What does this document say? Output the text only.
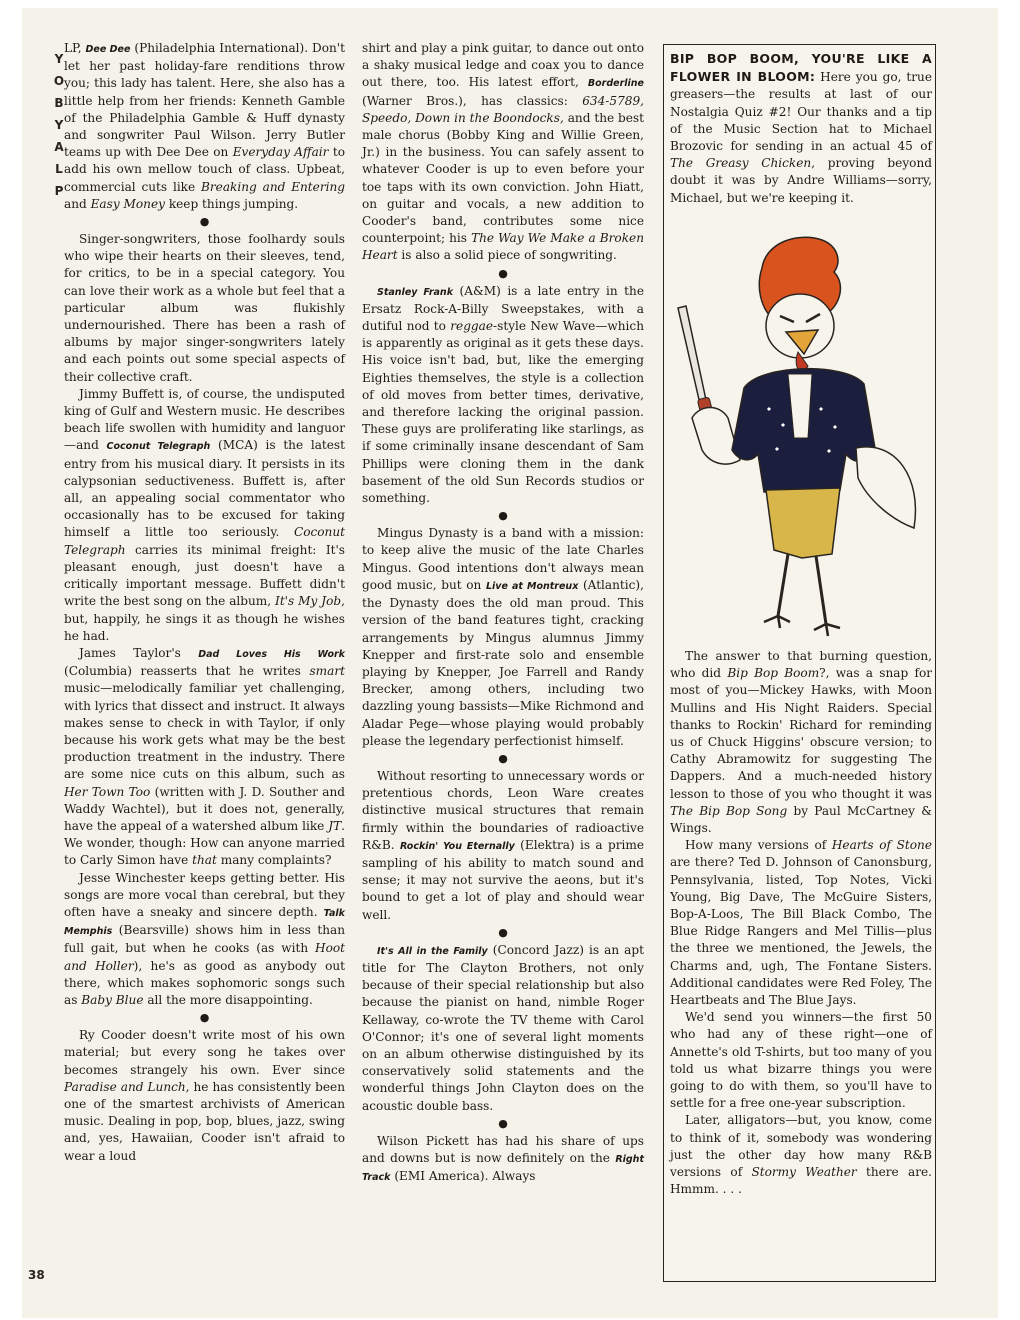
Y
O
B
Y
A
L
P
38

LP, Dee Dee (Philadelphia International). Don't let her past holiday-fare renditions throw you; this lady has talent. Here, she also has a little help from her friends: Kenneth Gamble of the Philadelphia Gamble & Huff dynasty and songwriter Paul Wilson. Jerry Butler teams up with Dee Dee on Everyday Affair to add his own mellow touch of class. Upbeat, commercial cuts like Breaking and Entering and Easy Money keep things jumping.

●

Singer-songwriters, those foolhardy souls who wipe their hearts on their sleeves, tend, for critics, to be in a special category. You can love their work as a whole but feel that a particular album was flukishly undernourished. There has been a rash of albums by major singer-songwriters lately and each points out some special aspects of their collective craft.

Jimmy Buffett is, of course, the undisputed king of Gulf and Western music. He describes beach life swollen with humidity and languor—and Coconut Telegraph (MCA) is the latest entry from his musical diary. It persists in its calypsonian seductiveness. Buffett is, after all, an appealing social commentator who occasionally has to be excused for taking himself a little too seriously. Coconut Telegraph carries its minimal freight: It's pleasant enough, just doesn't have a critically important message. Buffett didn't write the best song on the album, It's My Job, but, happily, he sings it as though he wishes he had.

James Taylor's Dad Loves His Work (Columbia) reasserts that he writes smart music—melodically familiar yet challenging, with lyrics that dissect and instruct. It always makes sense to check in with Taylor, if only because his work gets what may be the best production treatment in the industry. There are some nice cuts on this album, such as Her Town Too (written with J. D. Souther and Waddy Wachtel), but it does not, generally, have the appeal of a watershed album like JT. We wonder, though: How can anyone married to Carly Simon have that many complaints?

Jesse Winchester keeps getting better. His songs are more vocal than cerebral, but they often have a sneaky and sincere depth. Talk Memphis (Bearsville) shows him in less than full gait, but when he cooks (as with Hoot and Holler), he's as good as anybody out there, which makes sophomoric songs such as Baby Blue all the more disappointing.

●

Ry Cooder doesn't write most of his own material; but every song he takes over becomes strangely his own. Ever since Paradise and Lunch, he has consistently been one of the smartest archivists of American music. Dealing in pop, bop, blues, jazz, swing and, yes, Hawaiian, Cooder isn't afraid to wear a loud

shirt and play a pink guitar, to dance out onto a shaky musical ledge and coax you to dance out there, too. His latest effort, Borderline (Warner Bros.), has classics: 634-5789, Speedo, Down in the Boondocks, and the best male chorus (Bobby King and Willie Green, Jr.) in the business. You can safely assent to whatever Cooder is up to even before your toe taps with its own conviction. John Hiatt, on guitar and vocals, a new addition to Cooder's band, contributes some nice counterpoint; his The Way We Make a Broken Heart is also a solid piece of songwriting.

●

Stanley Frank (A&M) is a late entry in the Ersatz Rock-A-Billy Sweepstakes, with a dutiful nod to reggae-style New Wave—which is apparently as original as it gets these days. His voice isn't bad, but, like the emerging Eighties themselves, the style is a collection of old moves from better times, derivative, and therefore lacking the original passion. These guys are proliferating like starlings, as if some criminally insane descendant of Sam Phillips were cloning them in the dank basement of the old Sun Records studios or something.

●

Mingus Dynasty is a band with a mission: to keep alive the music of the late Charles Mingus. Good intentions don't always mean good music, but on Live at Montreux (Atlantic), the Dynasty does the old man proud. This version of the band features tight, cracking arrangements by Mingus alumnus Jimmy Knepper and first-rate solo and ensemble playing by Knepper, Joe Farrell and Randy Brecker, among others, including two dazzling young bassists—Mike Richmond and Aladar Pege—whose playing would probably please the legendary perfectionist himself.

●

Without resorting to unnecessary words or pretentious chords, Leon Ware creates distinctive musical structures that remain firmly within the boundaries of radioactive R&B. Rockin' You Eternally (Elektra) is a prime sampling of his ability to match sound and sense; it may not survive the aeons, but it's bound to get a lot of play and should wear well.

●

It's All in the Family (Concord Jazz) is an apt title for The Clayton Brothers, not only because of their special relationship but also because the pianist on hand, nimble Roger Kellaway, co-wrote the TV theme with Carol O'Connor; it's one of several light moments on an album otherwise distinguished by its conservatively solid statements and the wonderful things John Clayton does on the acoustic double bass.

●

Wilson Pickett has had his share of ups and downs but is now definitely on the Right Track (EMI America). Always

BIP BOP BOOM, YOU'RE LIKE A FLOWER IN BLOOM: Here you go, true greasers—the results at last of our Nostalgia Quiz #2! Our thanks and a tip of the Music Section hat to Michael Brozovic for sending in an actual 45 of The Greasy Chicken, proving beyond doubt it was by Andre Williams—sorry, Michael, but we're keeping it.

The answer to that burning question, who did Bip Bop Boom?, was a snap for most of you—Mickey Hawks, with Moon Mullins and His Night Raiders. Special thanks to Rockin' Richard for reminding us of Chuck Higgins' obscure version; to Cathy Abramowitz for suggesting The Dappers. And a much-needed history lesson to those of you who thought it was The Bip Bop Song by Paul McCartney & Wings.

How many versions of Hearts of Stone are there? Ted D. Johnson of Canonsburg, Pennsylvania, listed, Top Notes, Vicki Young, Big Dave, The McGuire Sisters, Bop-A-Loos, The Bill Black Combo, The Blue Ridge Rangers and Mel Tillis—plus the three we mentioned, the Jewels, the Charms and, ugh, The Fontane Sisters. Additional candidates were Red Foley, The Heartbeats and The Blue Jays.

We'd send you winners—the first 50 who had any of these right—one of Annette's old T-shirts, but too many of you told us what bizarre things you were going to do with them, so you'll have to settle for a free one-year subscription.

Later, alligators—but, you know, come to think of it, somebody was wondering just the other day how many R&B versions of Stormy Weather there are. Hmmm. . . .
